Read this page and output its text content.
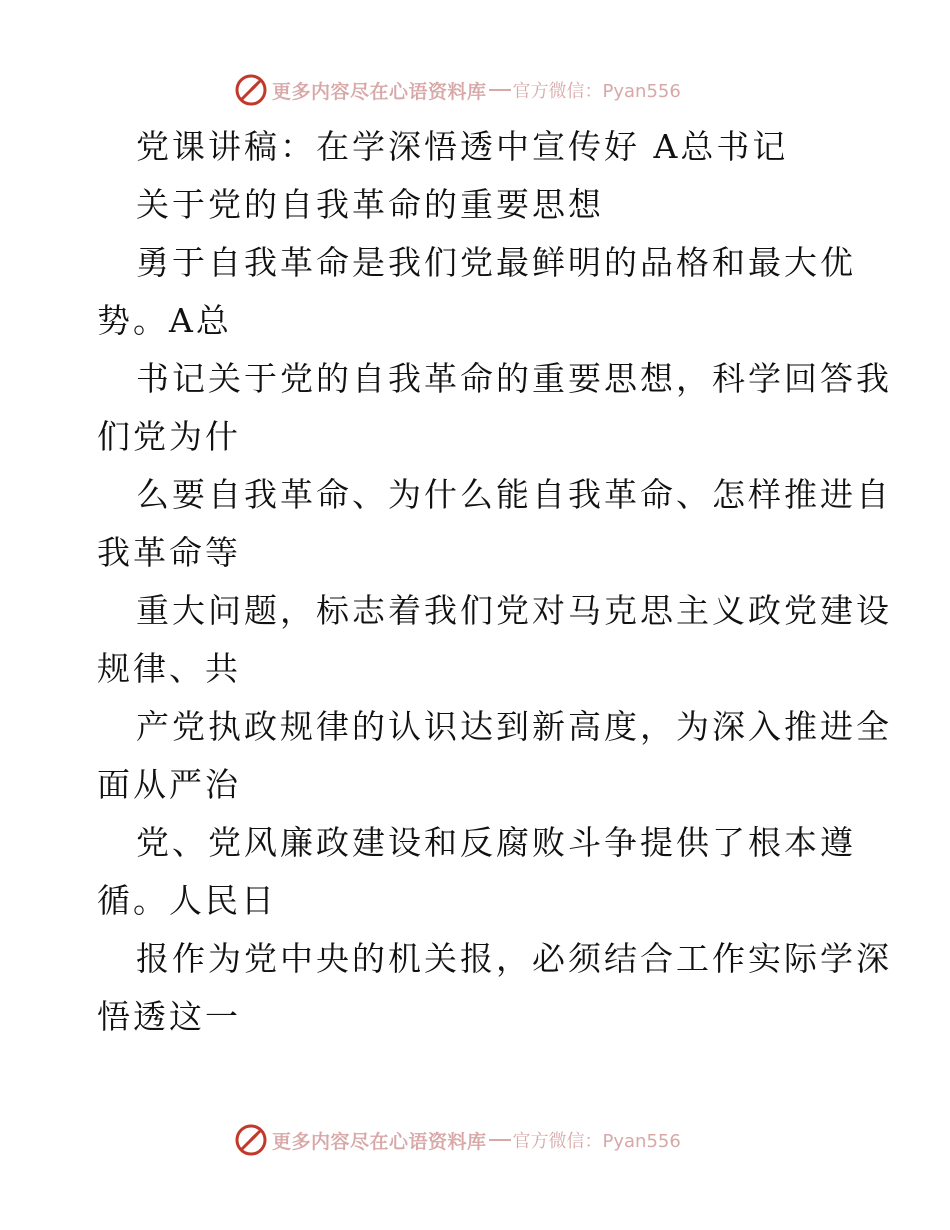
更多内容尽在心语资料库 官方微信：Pyan556
党课讲稿：在学深悟透中宣传好 A总书记
关于党的自我革命的重要思想
勇于自我革命是我们党最鲜明的品格和最大优
势。A总
书记关于党的自我革命的重要思想，科学回答我
们党为什
么要自我革命、为什么能自我革命、怎样推进自
我革命等
重大问题，标志着我们党对马克思主义政党建设
规律、共
产党执政规律的认识达到新高度，为深入推进全
面从严治
党、党风廉政建设和反腐败斗争提供了根本遵
循。人民日
报作为党中央的机关报，必须结合工作实际学深
悟透这一
更多内容尽在心语资料库 官方微信：Pyan556
